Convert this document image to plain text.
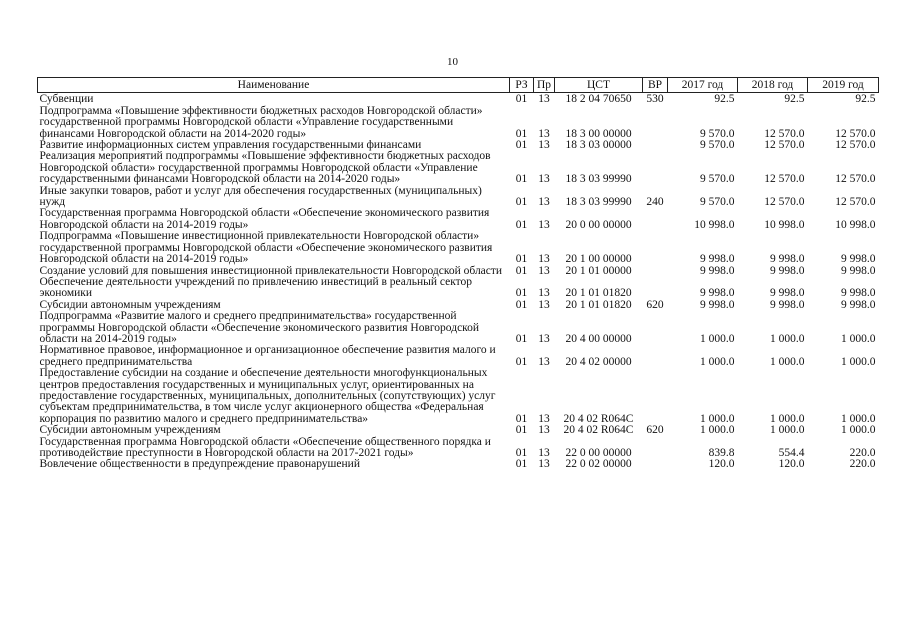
10
Наименование	РЗ	Пр	ЦСТ	ВР	2017 год	2018 год	2019 год
Субвенции	01	13	18 2 04 70650	530	92.5	92.5	92.5
Подпрограмма «Повышение эффективности бюджетных расходов Новгородской области» государственной программы Новгородской области «Управление государственными финансами Новгородской области на 2014-2020 годы»	01	13	18 3 00 00000		9 570.0	12 570.0	12 570.0
Развитие информационных систем управления государственными финансами	01	13	18 3 03 00000		9 570.0	12 570.0	12 570.0
Реализация мероприятий подпрограммы «Повышение эффективности бюджетных расходов Новгородской области» государственной программы Новгородской области «Управление государственными финансами Новгородской области на 2014-2020 годы»	01	13	18 3 03 99990		9 570.0	12 570.0	12 570.0
Иные закупки товаров, работ и услуг для обеспечения государственных (муниципальных) нужд	01	13	18 3 03 99990	240	9 570.0	12 570.0	12 570.0
Государственная программа Новгородской области «Обеспечение экономического развития Новгородской области на 2014-2019 годы»	01	13	20 0 00 00000		10 998.0	10 998.0	10 998.0
Подпрограмма «Повышение инвестиционной привлекательности Новгородской области» государственной программы Новгородской области «Обеспечение экономического развития Новгородской области на 2014-2019 годы»	01	13	20 1 00 00000		9 998.0	9 998.0	9 998.0
Создание условий для повышения инвестиционной привлекательности Новгородской области	01	13	20 1 01 00000		9 998.0	9 998.0	9 998.0
Обеспечение деятельности учреждений по привлечению инвестиций в реальный сектор экономики	01	13	20 1 01 01820		9 998.0	9 998.0	9 998.0
Субсидии автономным учреждениям	01	13	20 1 01 01820	620	9 998.0	9 998.0	9 998.0
Подпрограмма «Развитие малого и среднего предпринимательства» государственной программы Новгородской области «Обеспечение экономического развития Новгородской области на 2014-2019 годы»	01	13	20 4 00 00000		1 000.0	1 000.0	1 000.0
Нормативное правовое, информационное и организационное обеспечение развития малого и среднего предпринимательства	01	13	20 4 02 00000		1 000.0	1 000.0	1 000.0
Предоставление субсидии на создание и обеспечение деятельности многофункциональных центров предоставления государственных и муниципальных услуг, ориентированных на предоставление государственных, муниципальных, дополнительных (сопутствующих) услуг субъектам предпринимательства, в том числе услуг акционерного общества «Федеральная корпорация по развитию малого и среднего предпринимательства»	01	13	20 4 02 R064C		1 000.0	1 000.0	1 000.0
Субсидии автономным учреждениям	01	13	20 4 02 R064C	620	1 000.0	1 000.0	1 000.0
Государственная программа Новгородской области «Обеспечение общественного порядка и противодействие преступности в Новгородской области на 2017-2021 годы»	01	13	22 0 00 00000		839.8	554.4	220.0
Вовлечение общественности в предупреждение правонарушений	01	13	22 0 02 00000		120.0	120.0	220.0
